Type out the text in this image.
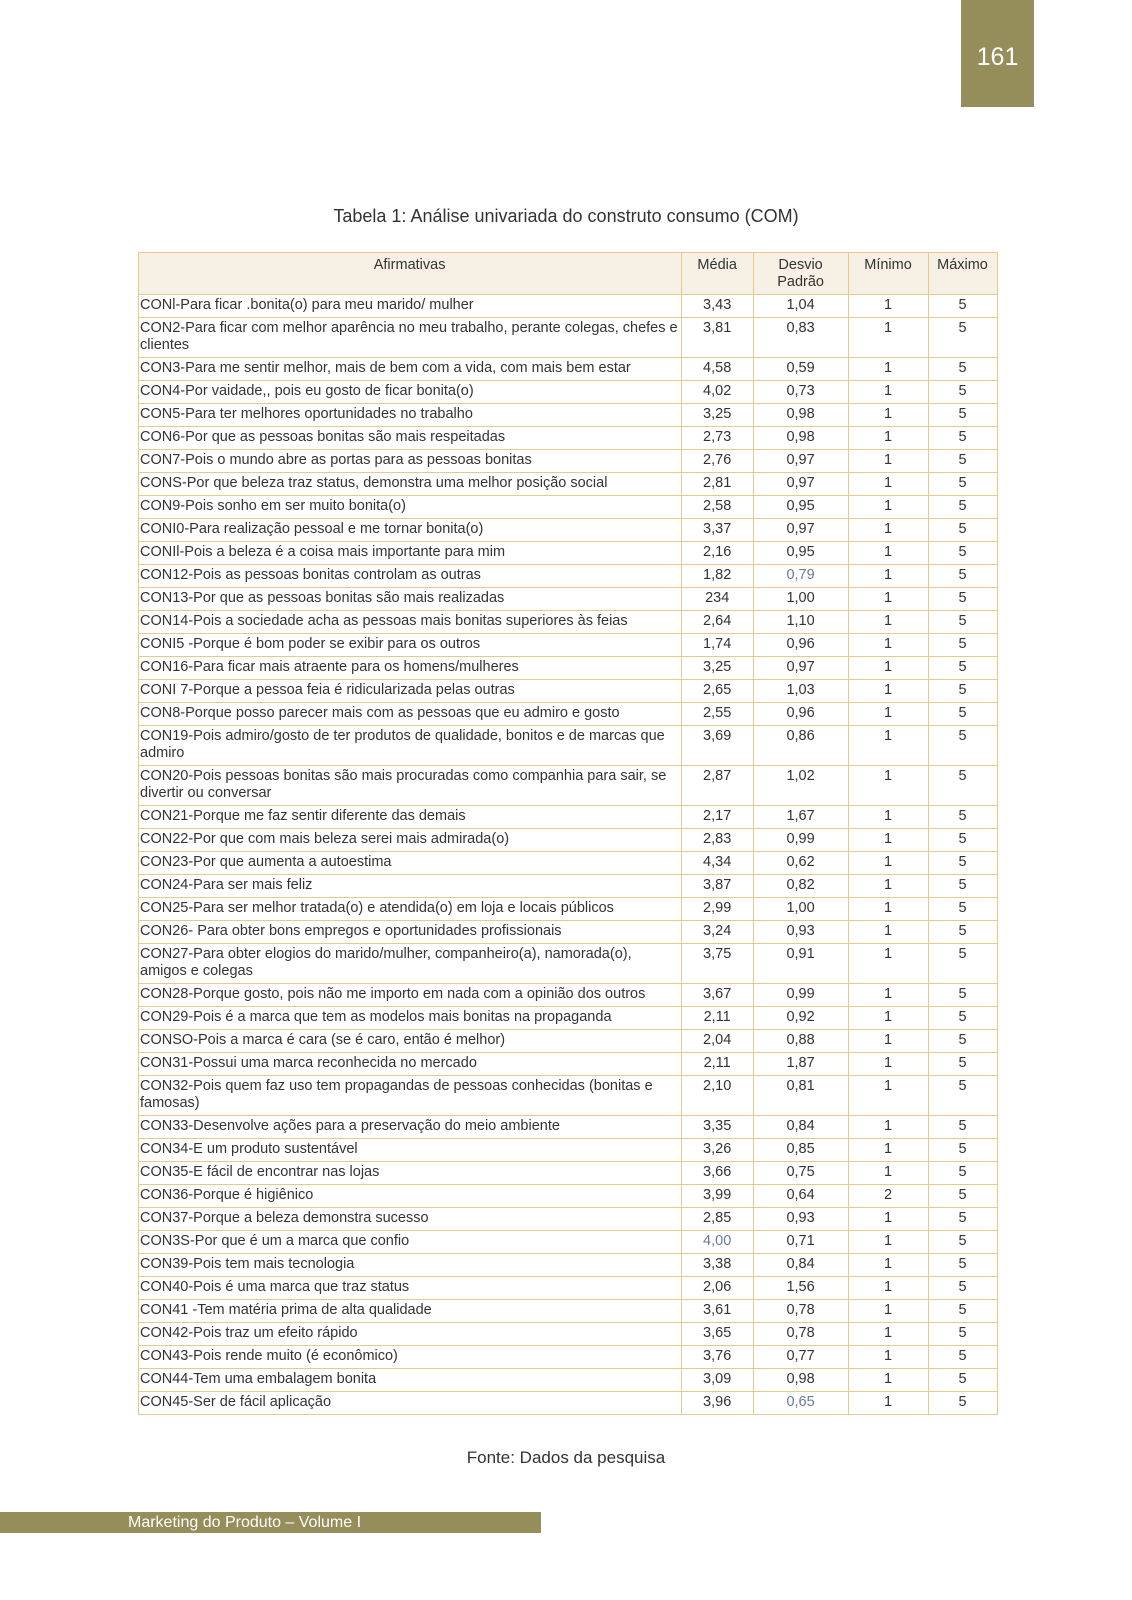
161
Tabela 1: Análise univariada do construto consumo (COM)
Afirmativas	Média	Desvio Padrão	Mínimo	Máximo
CONl-Para ficar .bonita(o) para meu marido/ mulher	3,43	1,04	1	5
CON2-Para ficar com melhor aparência no meu trabalho, perante colegas, chefes e clientes	3,81	0,83	1	5
CON3-Para me sentir melhor, mais de bem com a vida, com mais bem estar	4,58	0,59	1	5
CON4-Por vaidade,, pois eu gosto de ficar bonita(o)	4,02	0,73	1	5
CON5-Para ter melhores oportunidades no trabalho	3,25	0,98	1	5
CON6-Por que as pessoas bonitas são mais respeitadas	2,73	0,98	1	5
CON7-Pois o mundo abre as portas para as pessoas bonitas	2,76	0,97	1	5
CONS-Por que beleza traz status, demonstra uma melhor posição social	2,81	0,97	1	5
CON9-Pois sonho em ser muito bonita(o)	2,58	0,95	1	5
CONI0-Para realização pessoal e me tornar bonita(o)	3,37	0,97	1	5
CONIl-Pois a beleza é a coisa mais importante para mim	2,16	0,95	1	5
CON12-Pois as pessoas bonitas controlam as outras	1,82	0,79	1	5
CON13-Por que as pessoas bonitas são mais realizadas	234	1,00	1	5
CON14-Pois a sociedade acha as pessoas mais bonitas superiores às feias	2,64	1,10	1	5
CONI5 -Porque é bom poder se exibir para os outros	1,74	0,96	1	5
CON16-Para ficar mais atraente para os homens/mulheres	3,25	0,97	1	5
CONI 7-Porque a pessoa feia é ridicularizada pelas outras	2,65	1,03	1	5
CON8-Porque posso parecer mais com as pessoas que eu admiro e gosto	2,55	0,96	1	5
CON19-Pois admiro/gosto de ter produtos de qualidade, bonitos e de marcas que admiro	3,69	0,86	1	5
CON20-Pois pessoas bonitas são mais procuradas como companhia para sair, se divertir ou conversar	2,87	1,02	1	5
CON21-Porque me faz sentir diferente das demais	2,17	1,67	1	5
CON22-Por que com mais beleza serei mais admirada(o)	2,83	0,99	1	5
CON23-Por que aumenta a autoestima	4,34	0,62	1	5
CON24-Para ser mais feliz	3,87	0,82	1	5
CON25-Para ser melhor tratada(o) e atendida(o) em loja e locais públicos	2,99	1,00	1	5
CON26- Para obter bons empregos e oportunidades profissionais	3,24	0,93	1	5
CON27-Para obter elogios do marido/mulher, companheiro(a), namorada(o), amigos e colegas	3,75	0,91	1	5
CON28-Porque gosto, pois não me importo em nada com a opinião dos outros	3,67	0,99	1	5
CON29-Pois é a marca que tem as modelos mais bonitas na propaganda	2,11	0,92	1	5
CONSO-Pois a marca é cara (se é caro, então é melhor)	2,04	0,88	1	5
CON31-Possui uma marca reconhecida no mercado	2,11	1,87	1	5
CON32-Pois quem faz uso tem propagandas de pessoas conhecidas (bonitas e famosas)	2,10	0,81	1	5
CON33-Desenvolve ações para a preservação do meio ambiente	3,35	0,84	1	5
CON34-E um produto sustentável	3,26	0,85	1	5
CON35-E fácil de encontrar nas lojas	3,66	0,75	1	5
CON36-Porque é higiênico	3,99	0,64	2	5
CON37-Porque a beleza demonstra sucesso	2,85	0,93	1	5
CON3S-Por que é um a marca que confio	4,00	0,71	1	5
CON39-Pois tem mais tecnologia	3,38	0,84	1	5
CON40-Pois é uma marca que traz status	2,06	1,56	1	5
CON41 -Tem matéria prima de alta qualidade	3,61	0,78	1	5
CON42-Pois traz um efeito rápido	3,65	0,78	1	5
CON43-Pois rende muito (é econômico)	3,76	0,77	1	5
CON44-Tem uma embalagem bonita	3,09	0,98	1	5
CON45-Ser de fácil aplicação	3,96	0,65	1	5
Fonte: Dados da pesquisa
Marketing do Produto – Volume I
